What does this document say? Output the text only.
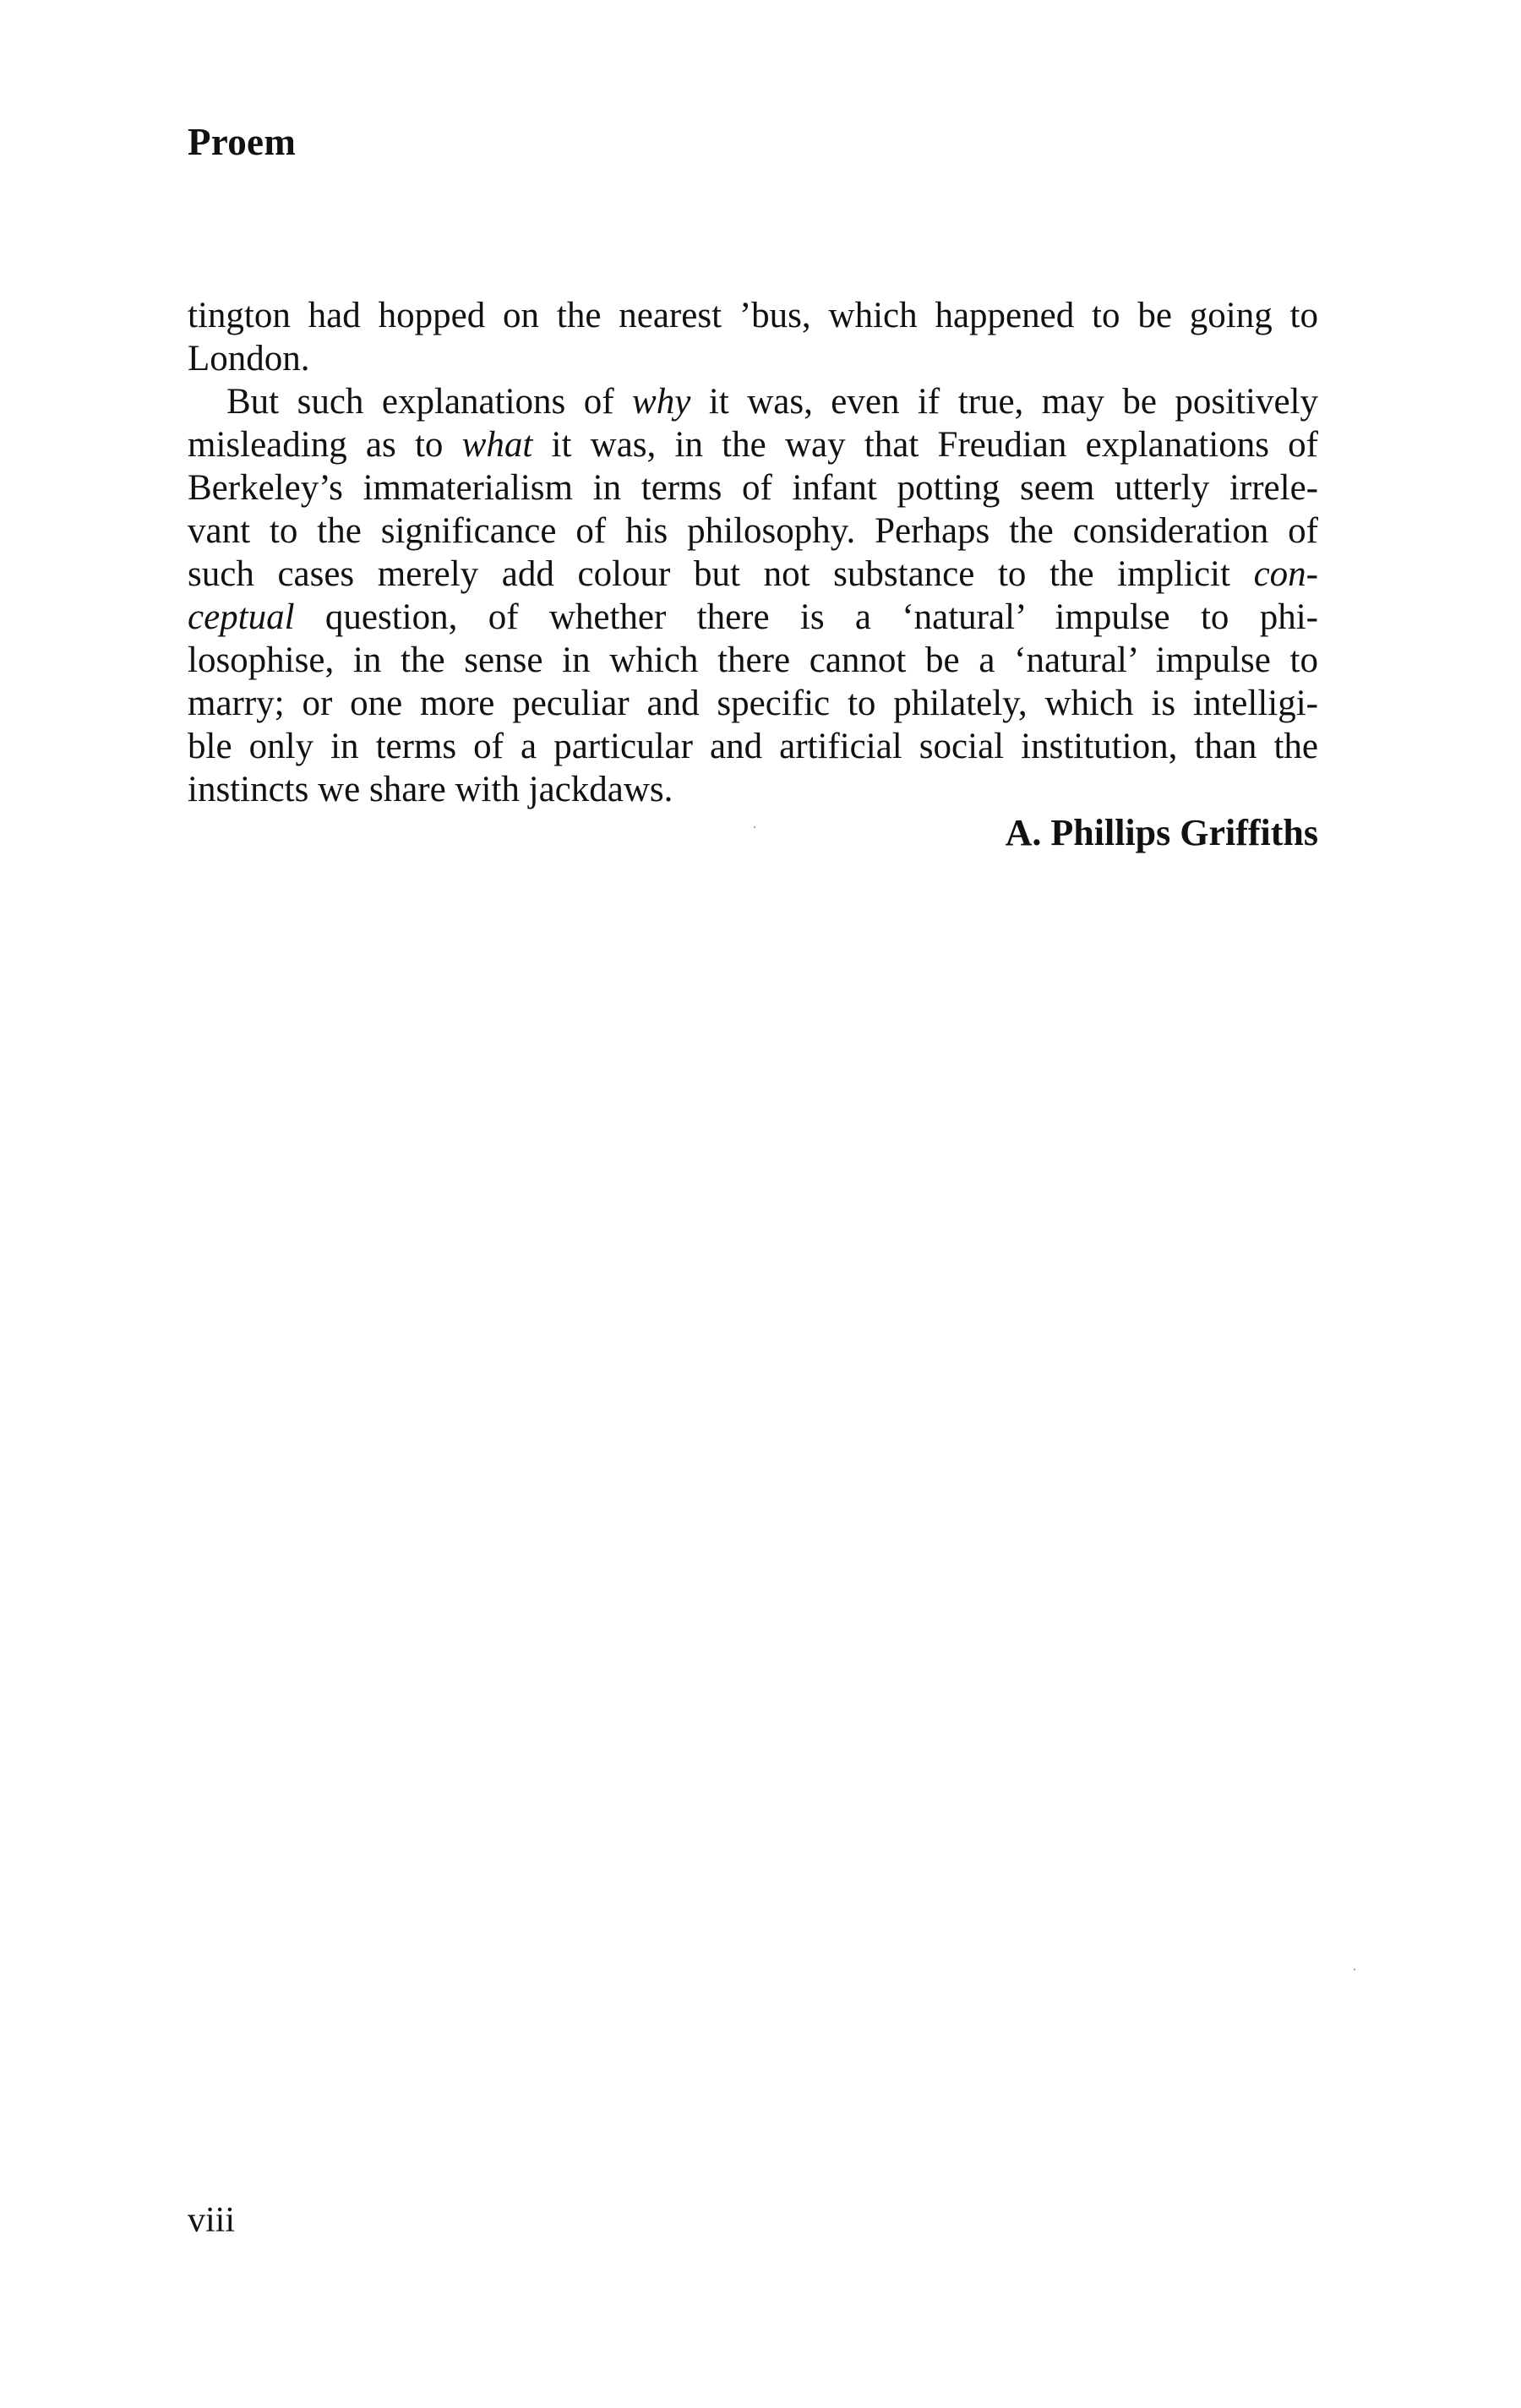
Proem

tington had hopped on the nearest ’bus, which happened to be going to
London.

But such explanations of why it was, even if true, may be positively
misleading as to what it was, in the way that Freudian explanations of
Berkeley’s immaterialism in terms of infant potting seem utterly irrele-
vant to the significance of his philosophy. Perhaps the consideration of
such cases merely add colour but not substance to the implicit con-
ceptual question, of whether there is a ‘natural’ impulse to phi-
losophise, in the sense in which there cannot be a ‘natural’ impulse to
marry; or one more peculiar and specific to philately, which is intelligi-
ble only in terms of a particular and artificial social institution, than the
instincts we share with jackdaws.

A. Phillips Griffiths

viii
